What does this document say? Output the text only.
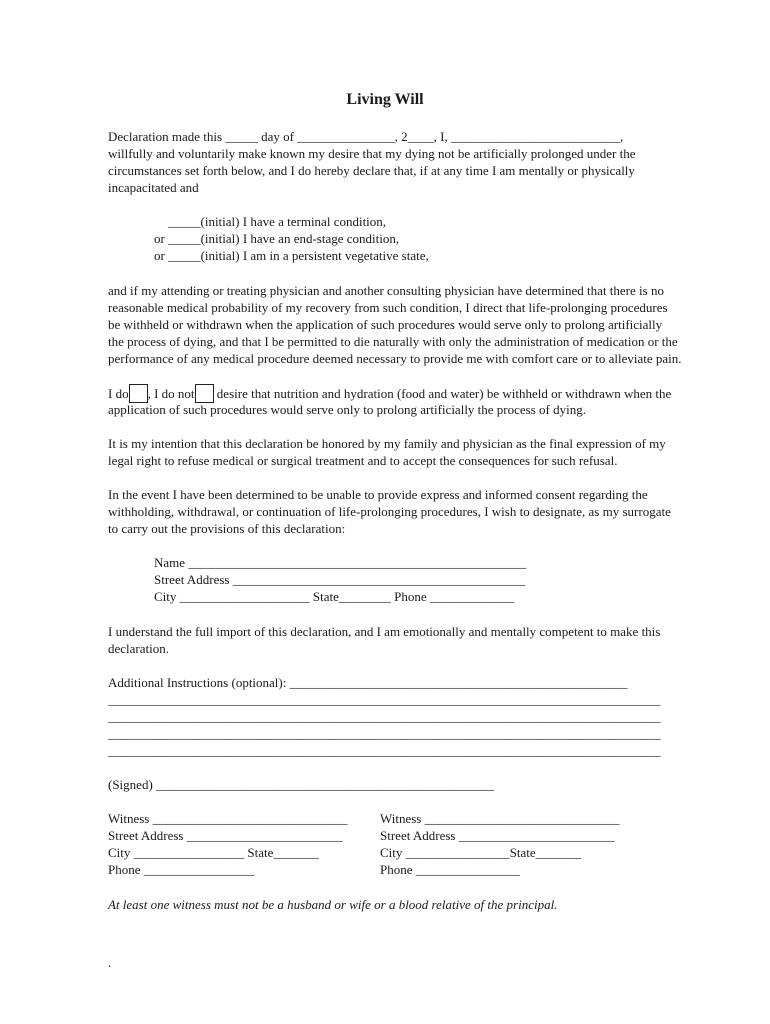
Living Will
Declaration made this _____ day of _______________, 2____, I, __________________________,
willfully and voluntarily make known my desire that my dying not be artificially prolonged under the
circumstances set forth below, and I do hereby declare that, if at any time I am mentally or physically
incapacitated and
_____(initial) I have a terminal condition,
or _____(initial) I have an end-stage condition,
or _____(initial) I am in a persistent vegetative state,
and if my attending or treating physician and another consulting physician have determined that there is no
reasonable medical probability of my recovery from such condition, I direct that life-prolonging procedures
be withheld or withdrawn when the application of such procedures would serve only to prolong artificially
the process of dying, and that I be permitted to die naturally with only the administration of medication or the
performance of any medical procedure deemed necessary to provide me with comfort care or to alleviate pain.
I do , I do not desire that nutrition and hydration (food and water) be withheld or withdrawn when the
application of such procedures would serve only to prolong artificially the process of dying.
It is my intention that this declaration be honored by my family and physician as the final expression of my
legal right to refuse medical or surgical treatment and to accept the consequences for such refusal.
In the event I have been determined to be unable to provide express and informed consent regarding the
withholding, withdrawal, or continuation of life-prolonging procedures, I wish to designate, as my surrogate
to carry out the provisions of this declaration:
Name ____________________________________________________
Street Address _____________________________________________
City ____________________ State________ Phone _____________
I understand the full import of this declaration, and I am emotionally and mentally competent to make this
declaration.
Additional Instructions (optional): ____________________________________________________
_____________________________________________________________________________________
_____________________________________________________________________________________
_____________________________________________________________________________________
_____________________________________________________________________________________
(Signed) ____________________________________________________
Witness ______________________________
Street Address ________________________
City _________________ State_______
Phone _________________
Witness ______________________________
Street Address ________________________
City ________________State_______
Phone ________________
At least one witness must not be a husband or wife or a blood relative of the principal.
.
